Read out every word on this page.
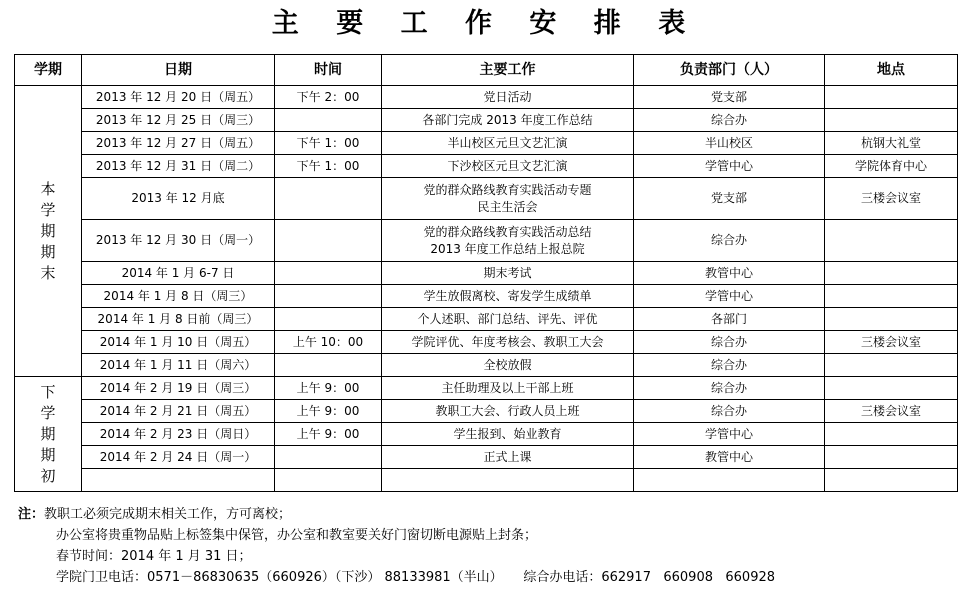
主 要 工 作 安 排 表
学期	日期	时间	主要工作	负责部门（人）	地点

本
学
期
期
末	2013 年 12 月 20 日（周五）	下午 2：00	党日活动	党支部	
	2013 年 12 月 25 日（周三）		各部门完成 2013 年度工作总结	综合办	
	2013 年 12 月 27 日（周五）	下午 1：00	半山校区元旦文艺汇演	半山校区	杭钢大礼堂
	2013 年 12 月 31 日（周二）	下午 1：00	下沙校区元旦文艺汇演	学管中心	学院体育中心
	2013 年 12 月底		党的群众路线教育实践活动专题 民主生活会	党支部	三楼会议室
	2013 年 12 月 30 日（周一）		党的群众路线教育实践活动总结 2013 年度工作总结上报总院	综合办	
	2014 年 1 月 6-7 日		期末考试	教管中心	
	2014 年 1 月 8 日（周三）		学生放假离校、寄发学生成绩单	学管中心	
	2014 年 1 月 8 日前（周三）		个人述职、部门总结、评先、评优	各部门	
	2014 年 1 月 10 日（周五）	上午 10：00	学院评优、年度考核会、教职工大会	综合办	三楼会议室
	2014 年 1 月 11 日（周六）		全校放假	综合办	

下
学
期
期
初	2014 年 2 月 19 日（周三）	上午 9：00	主任助理及以上干部上班	综合办	
	2014 年 2 月 21 日（周五）	上午 9：00	教职工大会、行政人员上班	综合办	三楼会议室
	2014 年 2 月 23 日（周日）	上午 9：00	学生报到、始业教育	学管中心	
	2014 年 2 月 24 日（周一）		正式上课	教管中心	

注：教职工必须完成期末相关工作，方可离校；
办公室将贵重物品贴上标签集中保管，办公室和教室要关好门窗切断电源贴上封条；
春节时间：2014 年 1 月 31 日；
学院门卫电话：0571－86830635（660926）（下沙） 88133981（半山）     综合办电话：662917   660908   660928
